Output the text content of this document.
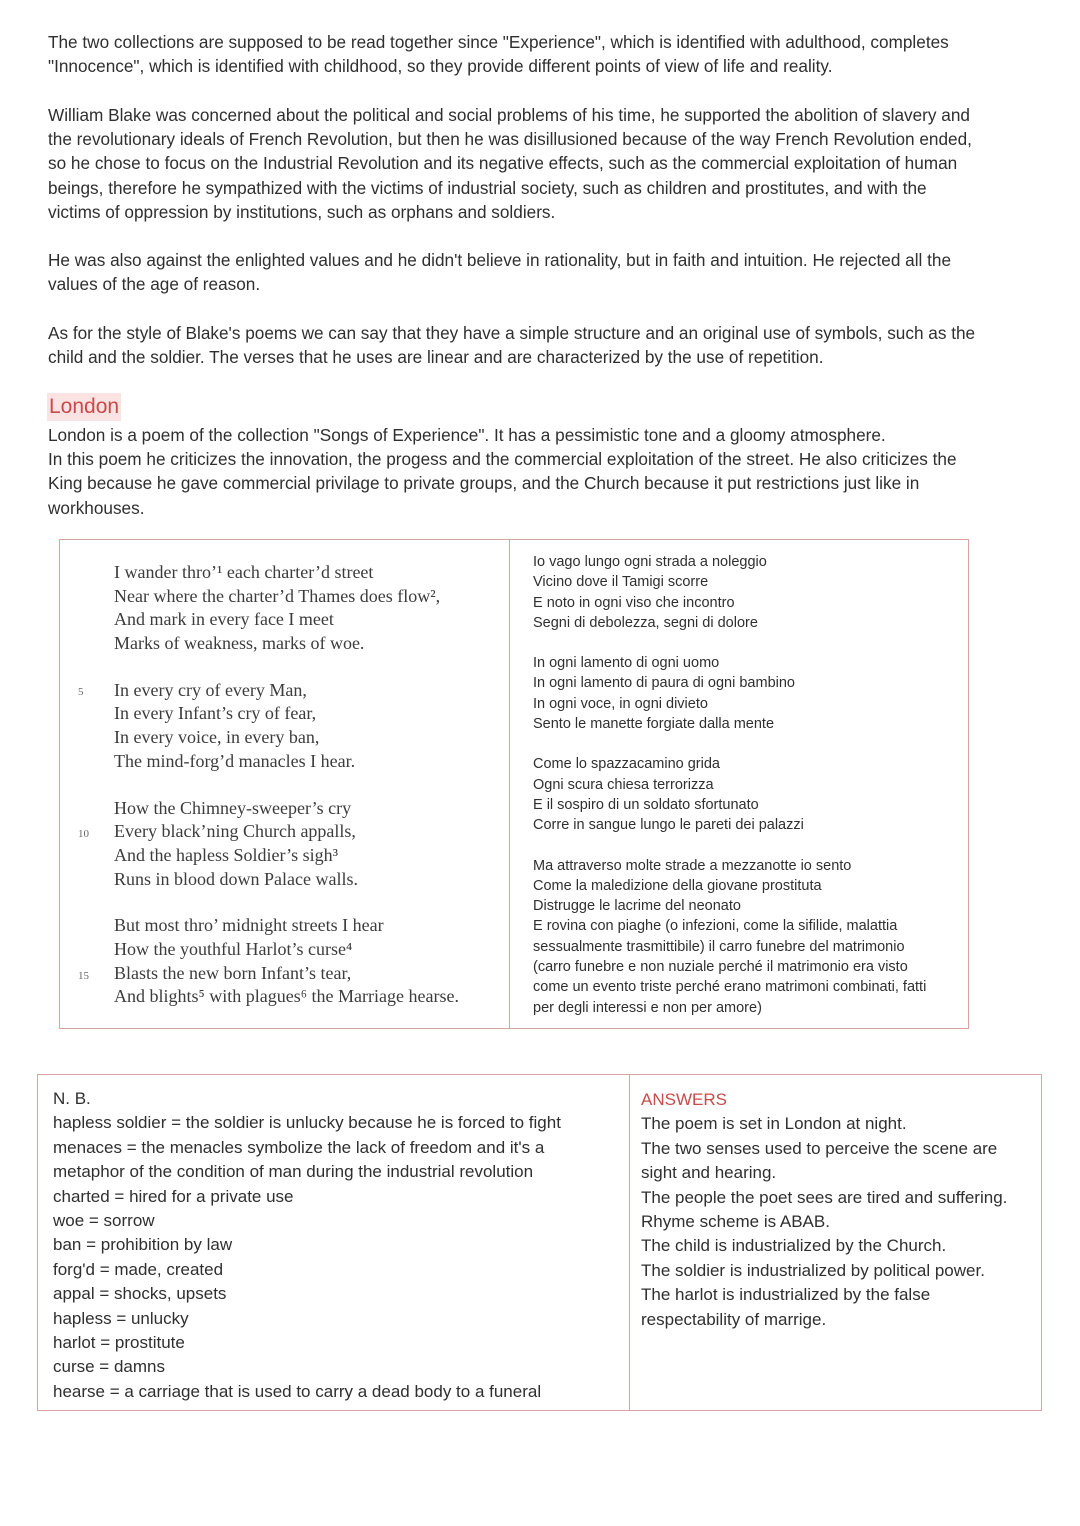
The two collections are supposed to be read together since "Experience", which is identified with adulthood, completes
"Innocence", which is identified with childhood, so they provide different points of view of life and reality.
William Blake was concerned about the political and social problems of his time, he supported the abolition of slavery and
the revolutionary ideals of French Revolution, but then he was disillusioned because of the way French Revolution ended,
so he chose to focus on the Industrial Revolution and its negative effects, such as the commercial exploitation of human
beings, therefore he sympathized with the victims of industrial society, such as children and prostitutes, and with the
victims of oppression by institutions, such as orphans and soldiers.
He was also against the enlighted values and he didn't believe in rationality, but in faith and intuition. He rejected all the
values of the age of reason.
As for the style of Blake's poems we can say that they have a simple structure and an original use of symbols, such as the
child and the soldier. The verses that he uses are linear and are characterized by the use of repetition.
London
London is a poem of the collection "Songs of Experience". It has a pessimistic tone and a gloomy atmosphere.
In this poem he criticizes the innovation, the progess and the commercial exploitation of the street. He also criticizes the
King because he gave commercial privilage to private groups, and the Church because it put restrictions just like in
workhouses.
I wander thro’¹ each charter’d street
Near where the charter’d Thames does flow²,
And mark in every face I meet
Marks of weakness, marks of woe.
In every cry of every Man,
In every Infant’s cry of fear,
In every voice, in every ban,
The mind-forg’d manacles I hear.
How the Chimney-sweeper’s cry
Every black’ning Church appalls,
And the hapless Soldier’s sigh³
Runs in blood down Palace walls.
But most thro’ midnight streets I hear
How the youthful Harlot’s curse⁴
Blasts the new born Infant’s tear,
And blights⁵ with plagues⁶ the Marriage hearse.
5
10
15
Io vago lungo ogni strada a noleggio
Vicino dove il Tamigi scorre
E noto in ogni viso che incontro
Segni di debolezza, segni di dolore
In ogni lamento di ogni uomo
In ogni lamento di paura di ogni bambino
In ogni voce, in ogni divieto
Sento le manette forgiate dalla mente
Come lo spazzacamino grida
Ogni scura chiesa terrorizza
E il sospiro di un soldato sfortunato
Corre in sangue lungo le pareti dei palazzi
Ma attraverso molte strade a mezzanotte io sento
Come la maledizione della giovane prostituta
Distrugge le lacrime del neonato
E rovina con piaghe (o infezioni, come la sifilide, malattia
sessualmente trasmittibile) il carro funebre del matrimonio
(carro funebre e non nuziale perché il matrimonio era visto
come un evento triste perché erano matrimoni combinati, fatti
per degli interessi e non per amore)
N. B.
hapless soldier = the soldier is unlucky because he is forced to fight
menaces = the menacles symbolize the lack of freedom and it's a
metaphor of the condition of man during the industrial revolution
charted = hired for a private use
woe = sorrow
ban = prohibition by law
forg'd = made, created
appal = shocks, upsets
hapless = unlucky
harlot = prostitute
curse = damns
hearse = a carriage that is used to carry a dead body to a funeral
ANSWERS
The poem is set in London at night.
The two senses used to perceive the scene are
sight and hearing.
The people the poet sees are tired and suffering.
Rhyme scheme is ABAB.
The child is industrialized by the Church.
The soldier is industrialized by political power.
The harlot is industrialized by the false
respectability of marrige.
